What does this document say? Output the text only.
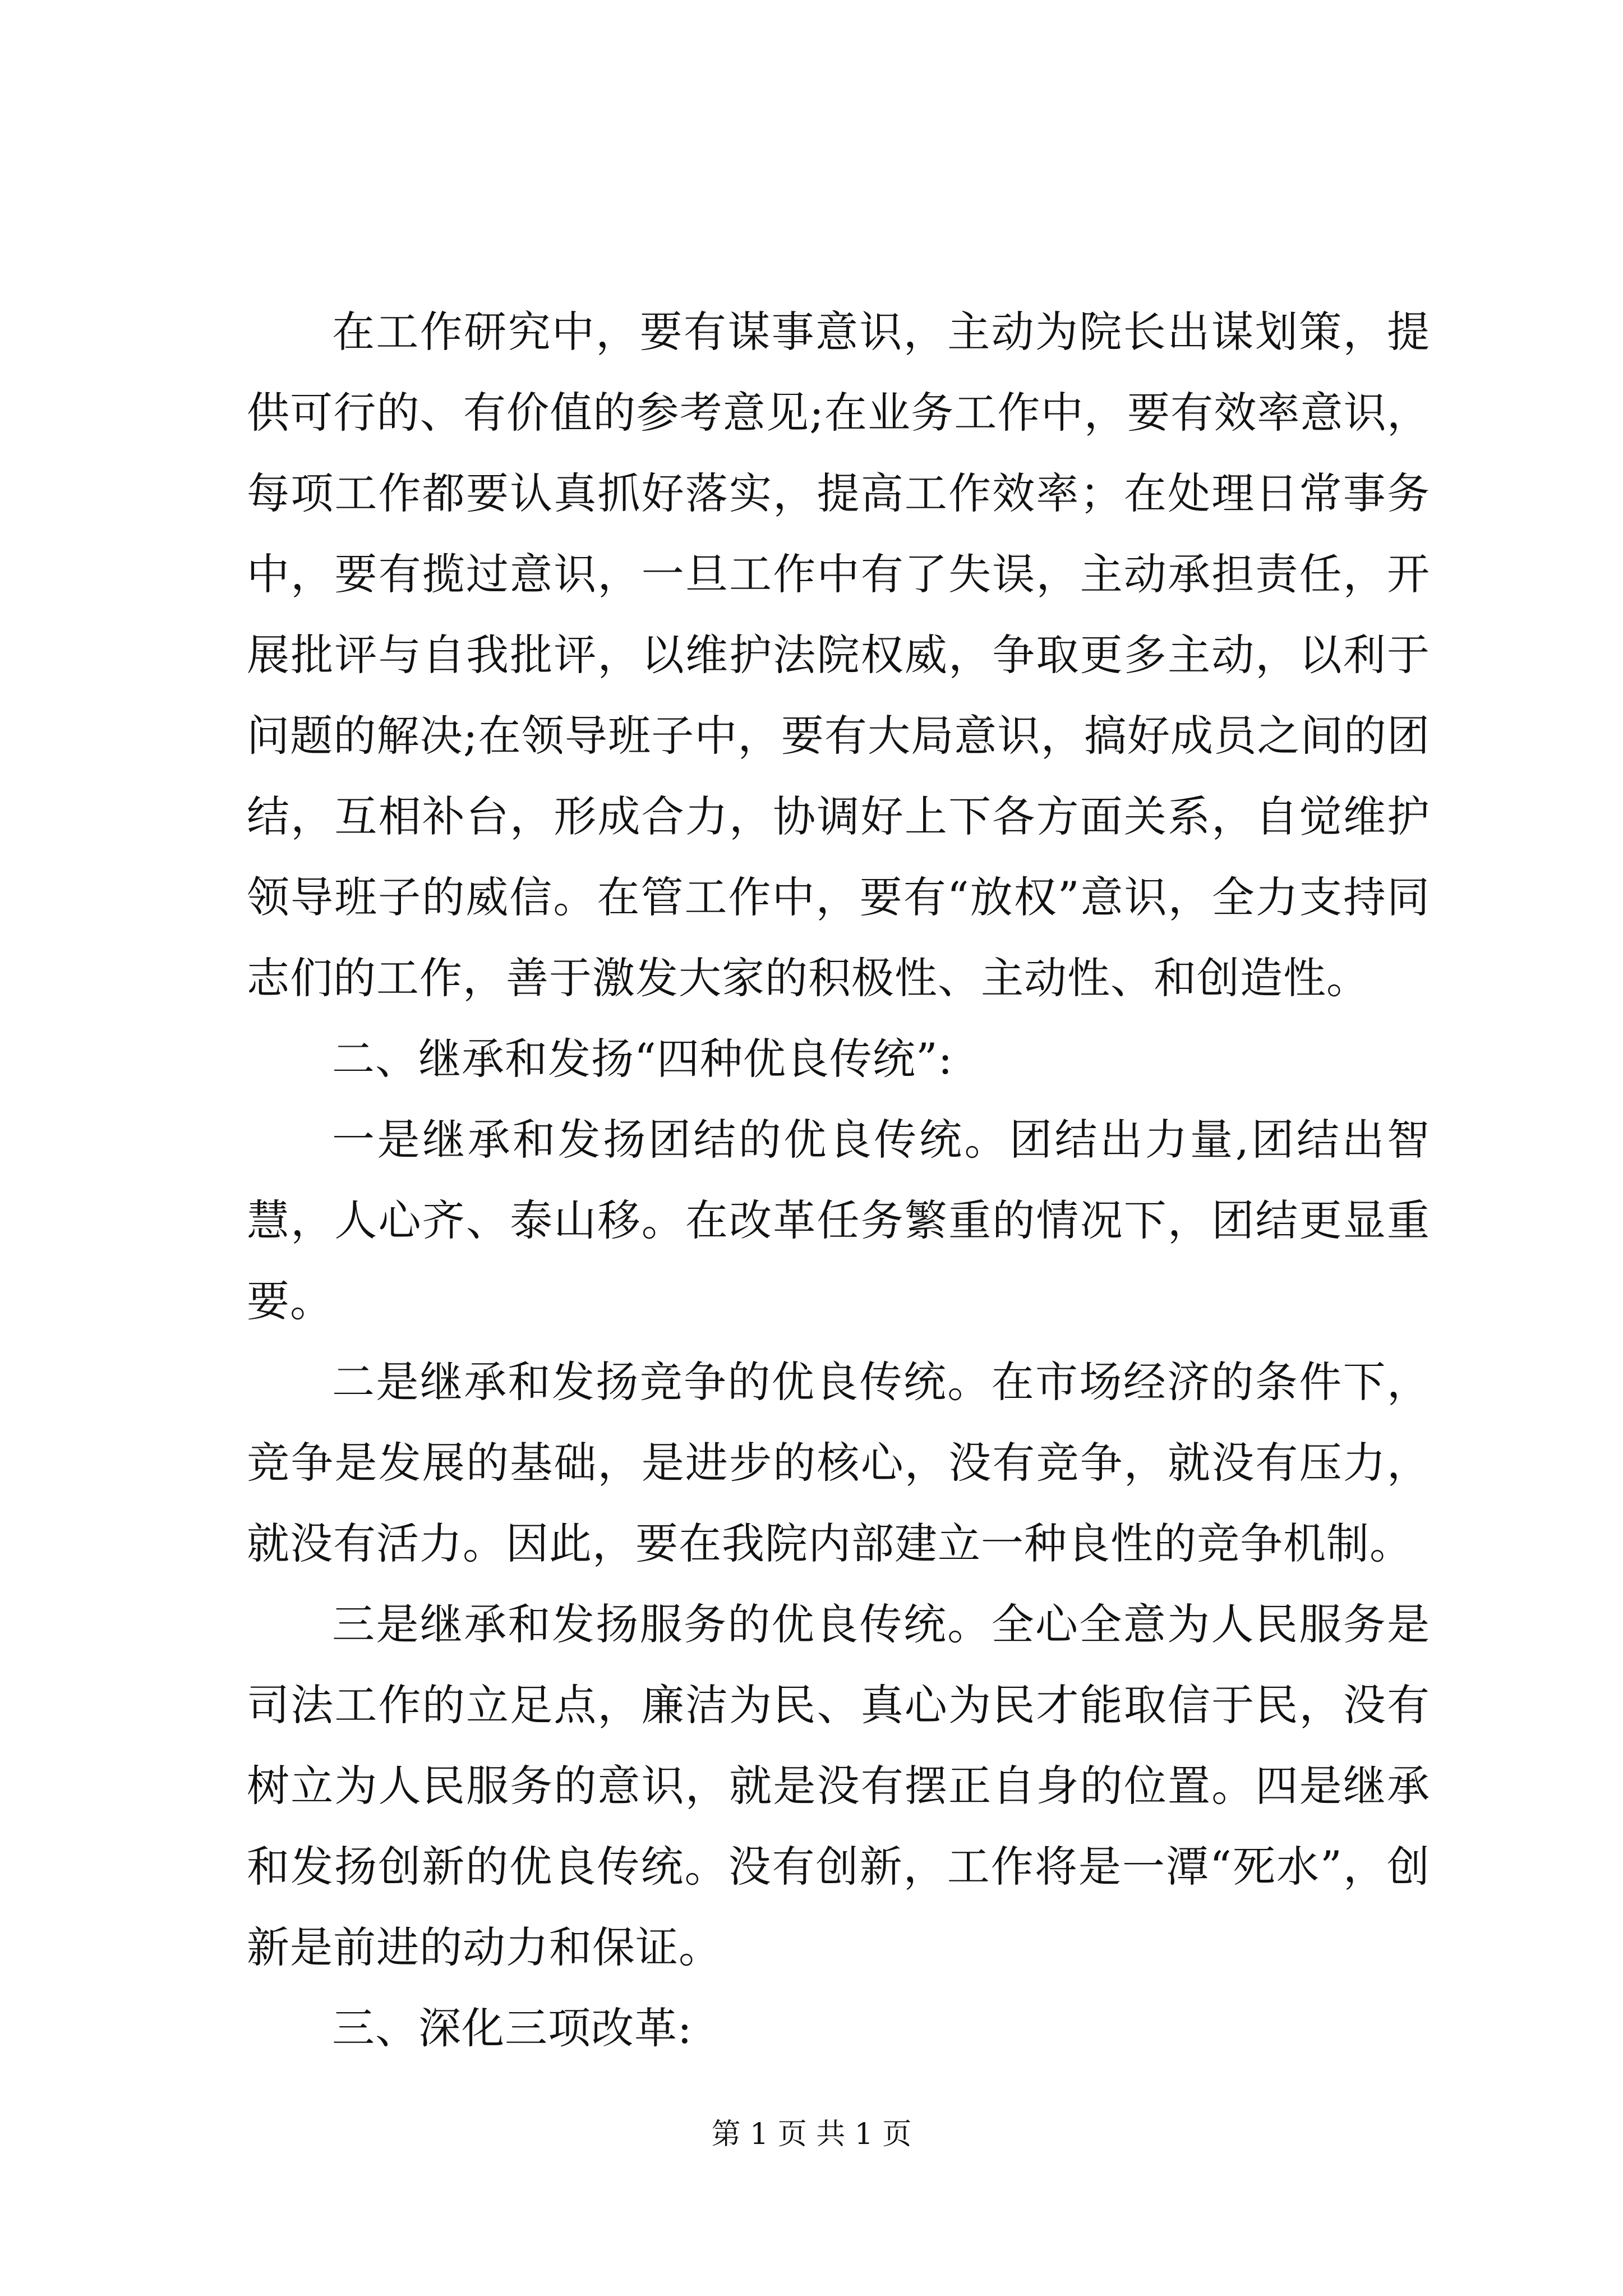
在工作研究中，要有谋事意识，主动为院长出谋划策，提供可行的、有价值的参考意见;在业务工作中，要有效率意识，每项工作都要认真抓好落实，提高工作效率；在处理日常事务中，要有揽过意识，一旦工作中有了失误，主动承担责任，开展批评与自我批评，以维护法院权威，争取更多主动，以利于问题的解决;在领导班子中，要有大局意识，搞好成员之间的团结，互相补台，形成合力，协调好上下各方面关系，自觉维护领导班子的威信。在管工作中，要有“放权”意识，全力支持同志们的工作，善于激发大家的积极性、主动性、和创造性。

二、继承和发扬“四种优良传统”:

一是继承和发扬团结的优良传统。团结出力量,团结出智慧，人心齐、泰山移。在改革任务繁重的情况下，团结更显重要。

二是继承和发扬竞争的优良传统。在市场经济的条件下，竞争是发展的基础，是进步的核心，没有竞争，就没有压力，就没有活力。因此，要在我院内部建立一种良性的竞争机制。

三是继承和发扬服务的优良传统。全心全意为人民服务是司法工作的立足点，廉洁为民、真心为民才能取信于民，没有树立为人民服务的意识，就是没有摆正自身的位置。四是继承和发扬创新的优良传统。没有创新，工作将是一潭“死水”，创新是前进的动力和保证。

三、深化三项改革:

第 1 页 共 1 页
